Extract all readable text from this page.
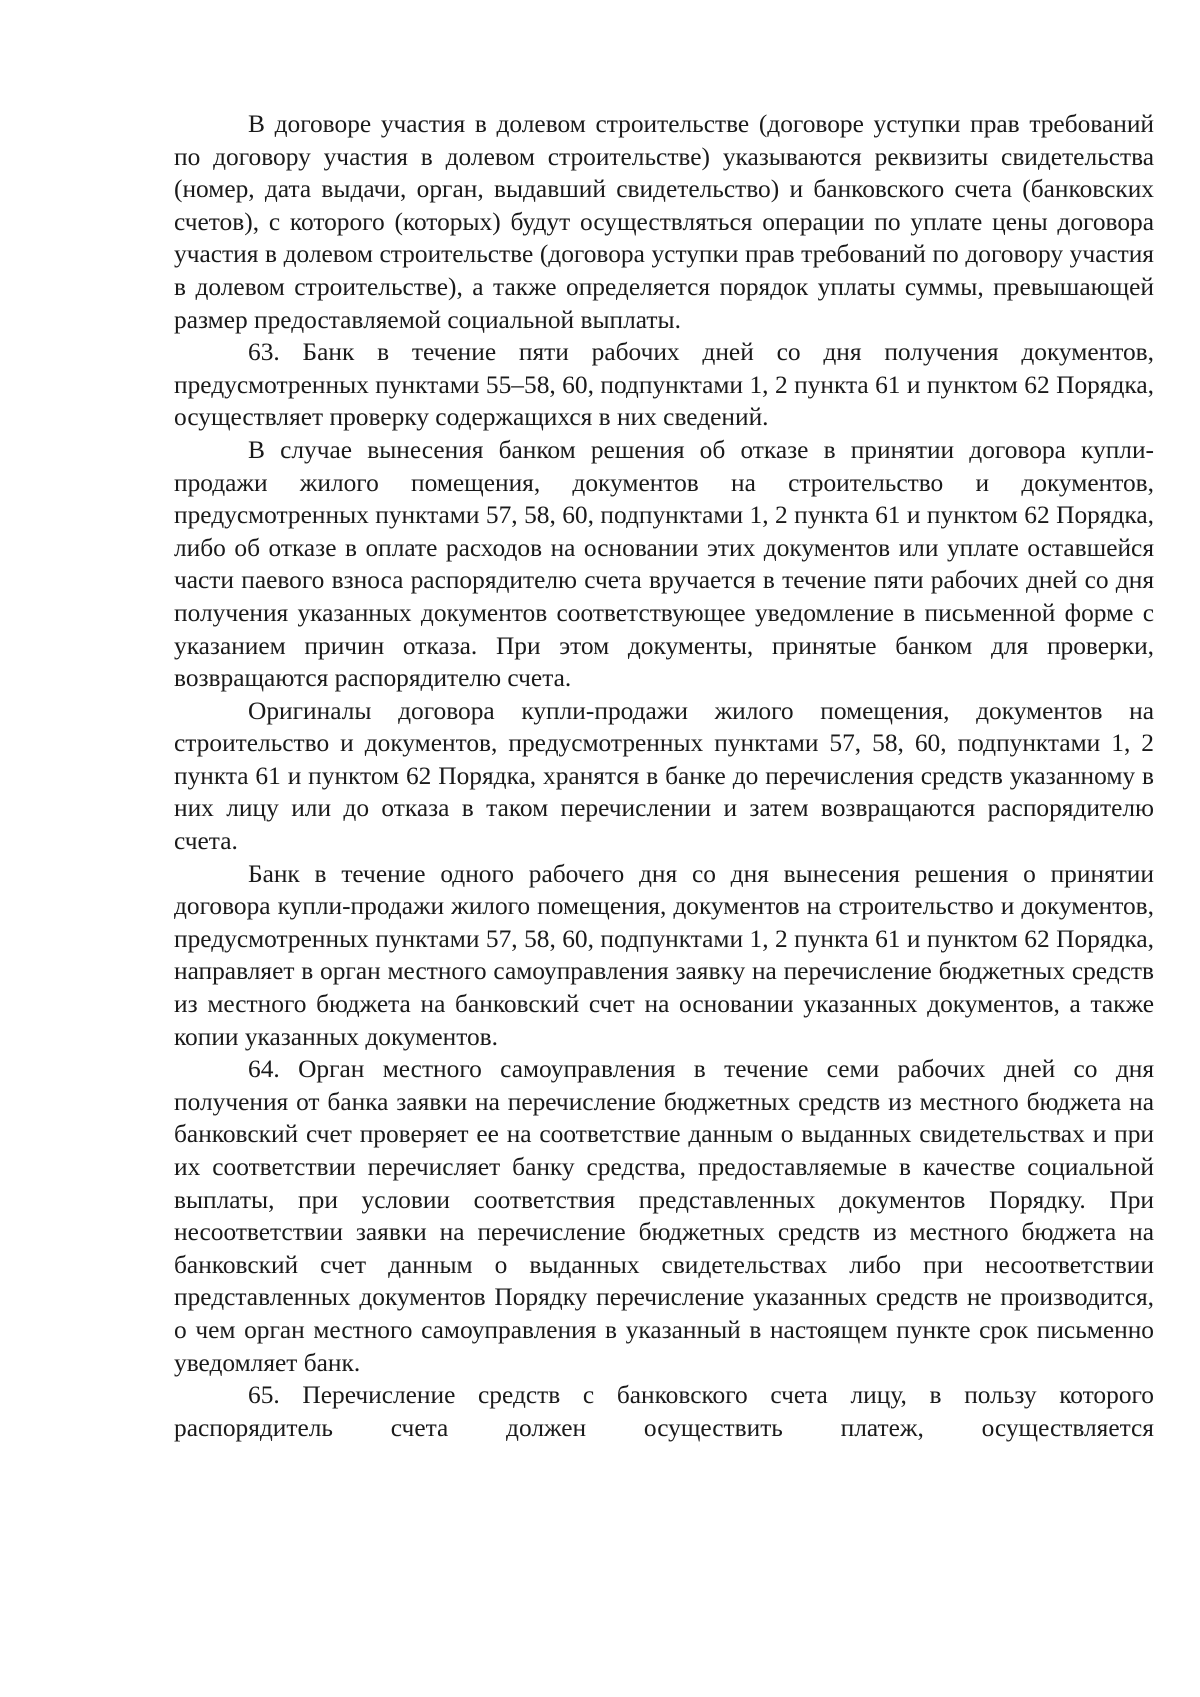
В договоре участия в долевом строительстве (договоре уступки прав требований по договору участия в долевом строительстве) указываются реквизиты свидетельства (номер, дата выдачи, орган, выдавший свидетельство) и банковского счета (банковских счетов), с которого (которых) будут осуществляться операции по уплате цены договора участия в долевом строительстве (договора уступки прав требований по договору участия в долевом строительстве), а также определяется порядок уплаты суммы, превышающей размер предоставляемой социальной выплаты.

63. Банк в течение пяти рабочих дней со дня получения документов, предусмотренных пунктами 55–58, 60, подпунктами 1, 2 пункта 61 и пунктом 62 Порядка, осуществляет проверку содержащихся в них сведений.

В случае вынесения банком решения об отказе в принятии договора купли-продажи жилого помещения, документов на строительство и документов, предусмотренных пунктами 57, 58, 60, подпунктами 1, 2 пункта 61 и пунктом 62 Порядка, либо об отказе в оплате расходов на основании этих документов или уплате оставшейся части паевого взноса распорядителю счета вручается в течение пяти рабочих дней со дня получения указанных документов соответствующее уведомление в письменной форме с указанием причин отказа. При этом документы, принятые банком для проверки, возвращаются распорядителю счета.

Оригиналы договора купли-продажи жилого помещения, документов на строительство и документов, предусмотренных пунктами 57, 58, 60, подпунктами 1, 2 пункта 61 и пунктом 62 Порядка, хранятся в банке до перечисления средств указанному в них лицу или до отказа в таком перечислении и затем возвращаются распорядителю счета.

Банк в течение одного рабочего дня со дня вынесения решения о принятии договора купли-продажи жилого помещения, документов на строительство и документов, предусмотренных пунктами 57, 58, 60, подпунктами 1, 2 пункта 61 и пунктом 62 Порядка, направляет в орган местного самоуправления заявку на перечисление бюджетных средств из местного бюджета на банковский счет на основании указанных документов, а также копии указанных документов.

64. Орган местного самоуправления в течение семи рабочих дней со дня получения от банка заявки на перечисление бюджетных средств из местного бюджета на банковский счет проверяет ее на соответствие данным о выданных свидетельствах и при их соответствии перечисляет банку средства, предоставляемые в качестве социальной выплаты, при условии соответствия представленных документов Порядку. При несоответствии заявки на перечисление бюджетных средств из местного бюджета на банковский счет данным о выданных свидетельствах либо при несоответствии представленных документов Порядку перечисление указанных средств не производится, о чем орган местного самоуправления в указанный в настоящем пункте срок письменно уведомляет банк.

65. Перечисление средств с банковского счета лицу, в пользу которого распорядитель счета должен осуществить платеж, осуществляется
